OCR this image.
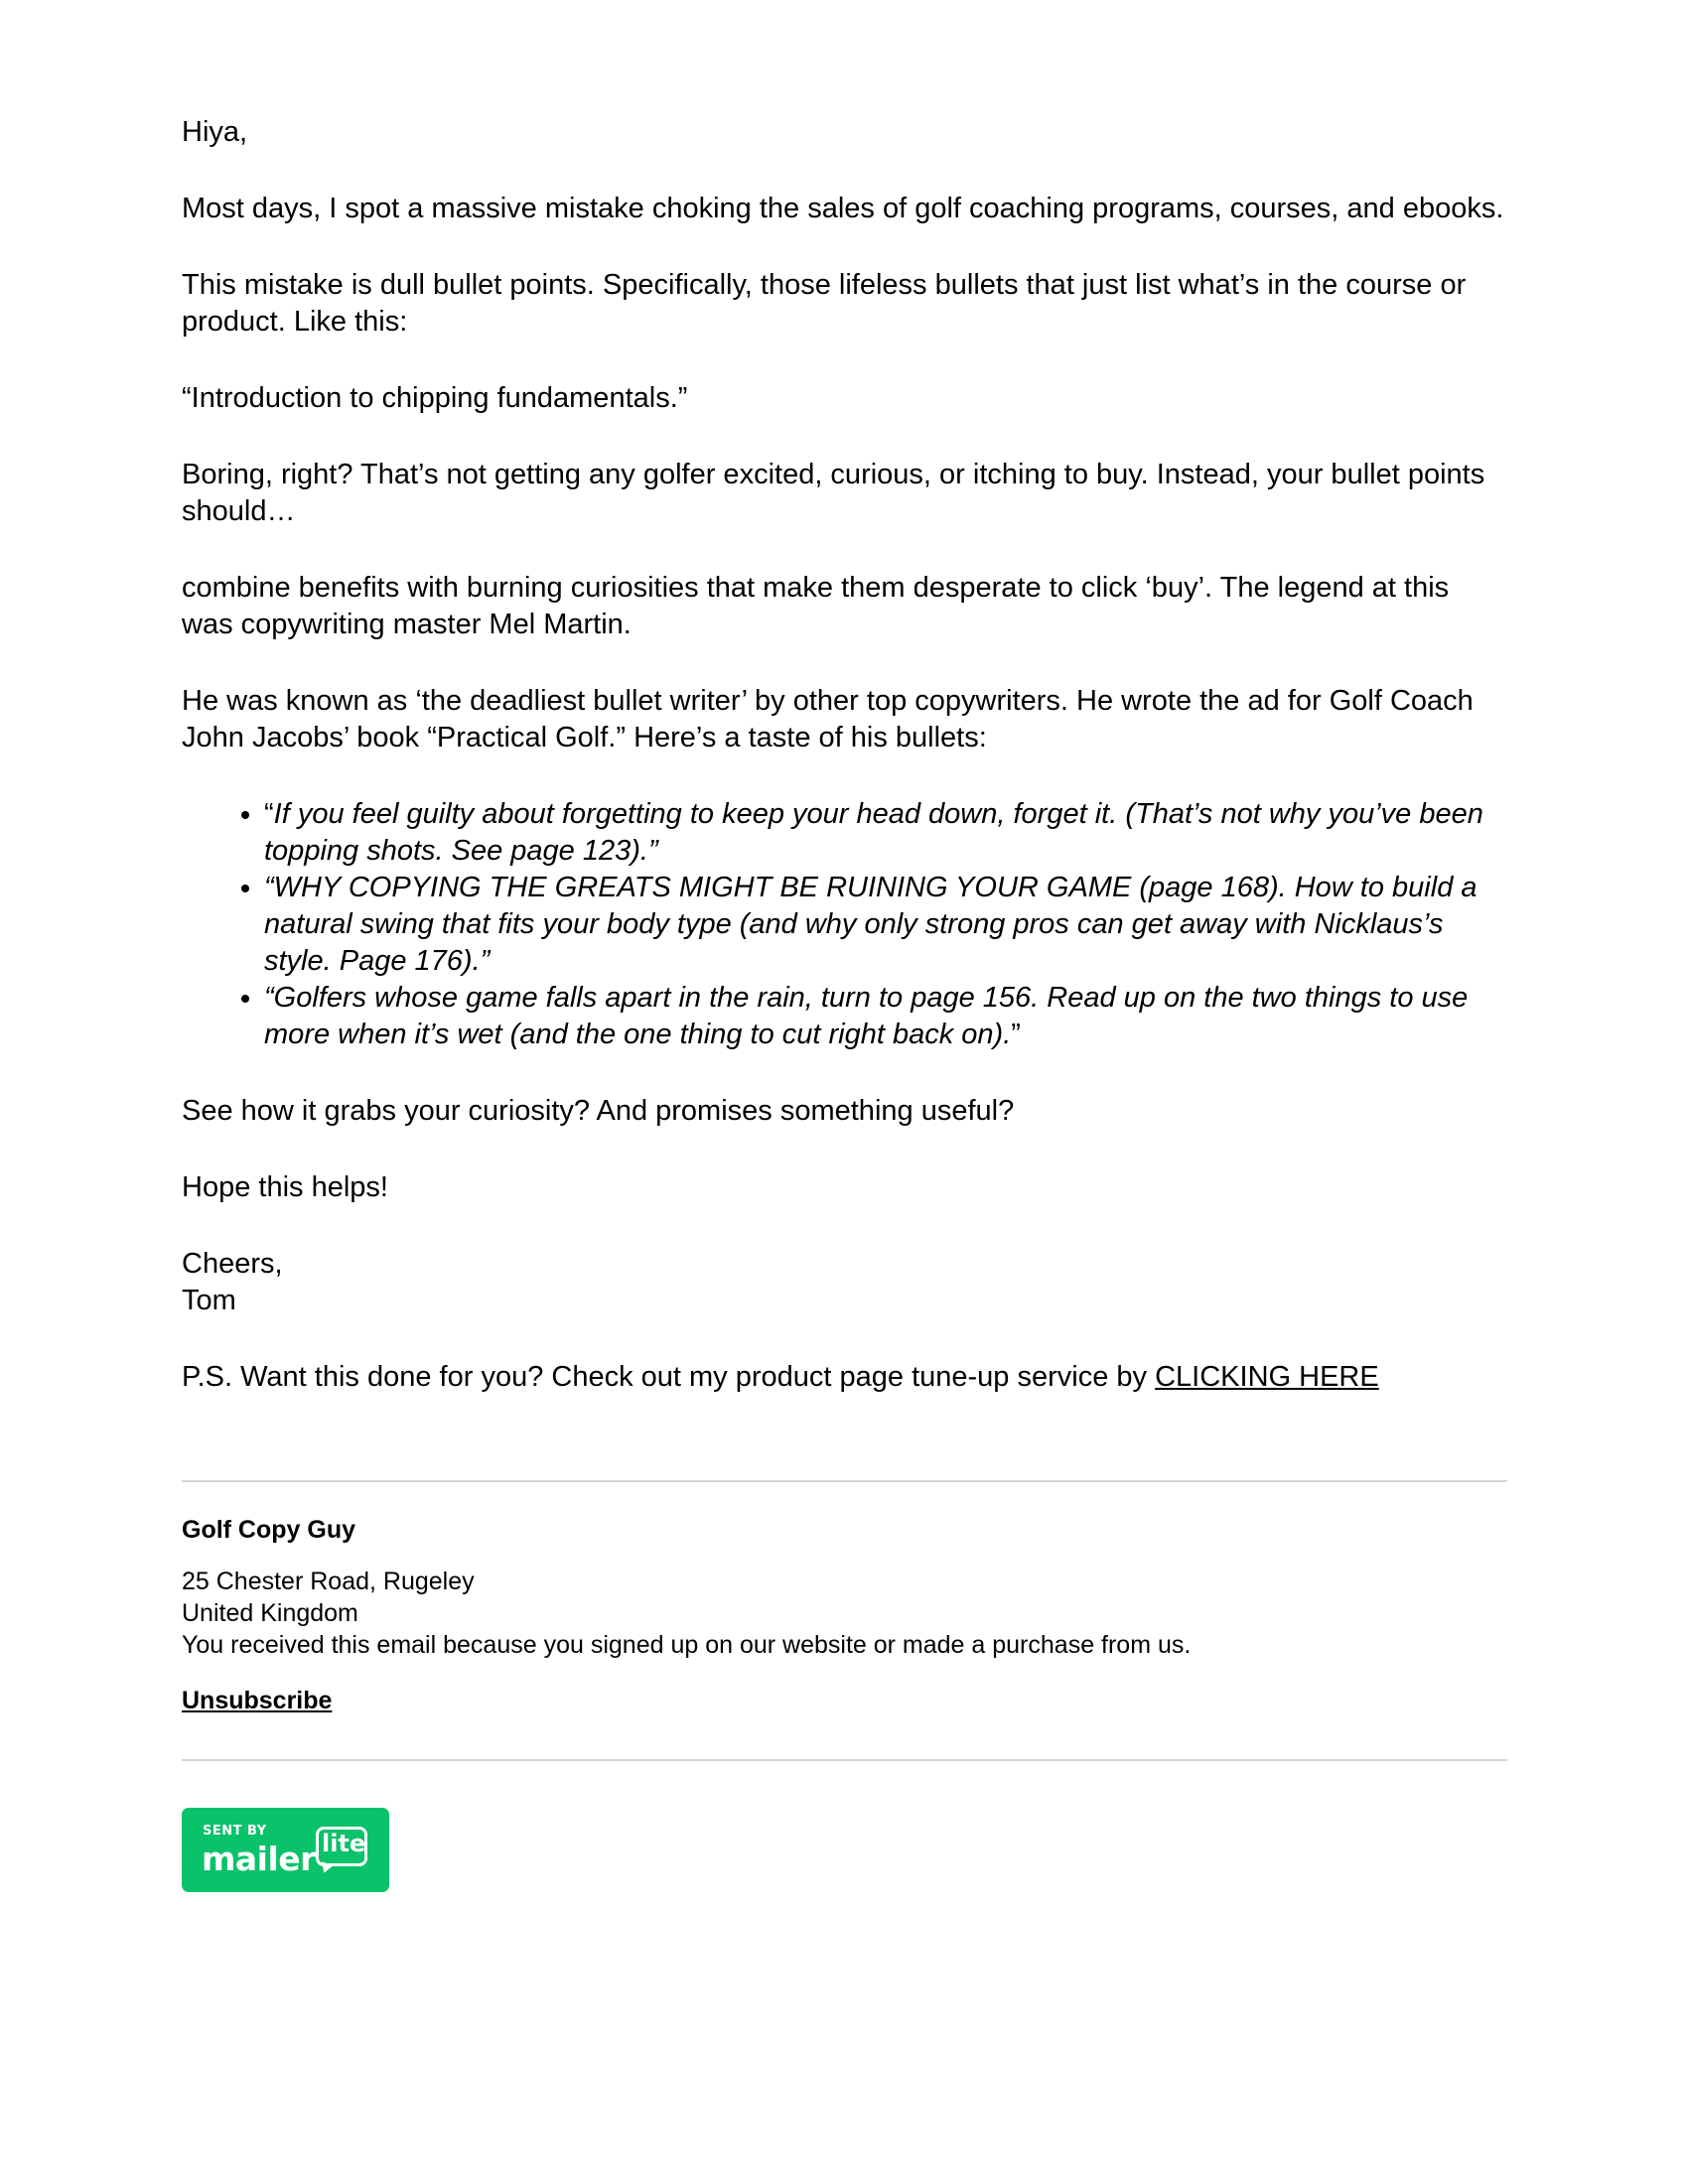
Hiya,

Most days, I spot a massive mistake choking the sales of golf coaching programs, courses, and ebooks.

This mistake is dull bullet points. Specifically, those lifeless bullets that just list what’s in the course or product. Like this:

“Introduction to chipping fundamentals.”

Boring, right? That’s not getting any golfer excited, curious, or itching to buy. Instead, your bullet points should…

combine benefits with burning curiosities that make them desperate to click ‘buy’. The legend at this was copywriting master Mel Martin.

He was known as ‘the deadliest bullet writer’ by other top copywriters. He wrote the ad for Golf Coach John Jacobs’ book “Practical Golf.” Here’s a taste of his bullets:

• “If you feel guilty about forgetting to keep your head down, forget it. (That’s not why you’ve been topping shots. See page 123).”
• “WHY COPYING THE GREATS MIGHT BE RUINING YOUR GAME (page 168). How to build a natural swing that fits your body type (and why only strong pros can get away with Nicklaus’s style. Page 176).”
• “Golfers whose game falls apart in the rain, turn to page 156. Read up on the two things to use more when it’s wet (and the one thing to cut right back on).”

See how it grabs your curiosity? And promises something useful?

Hope this helps!

Cheers,
Tom

P.S. Want this done for you? Check out my product page tune-up service by CLICKING HERE

Golf Copy Guy

25 Chester Road, Rugeley

United Kingdom

You received this email because you signed up on our website or made a purchase from us.

Unsubscribe
SENT BY
mailer lite
